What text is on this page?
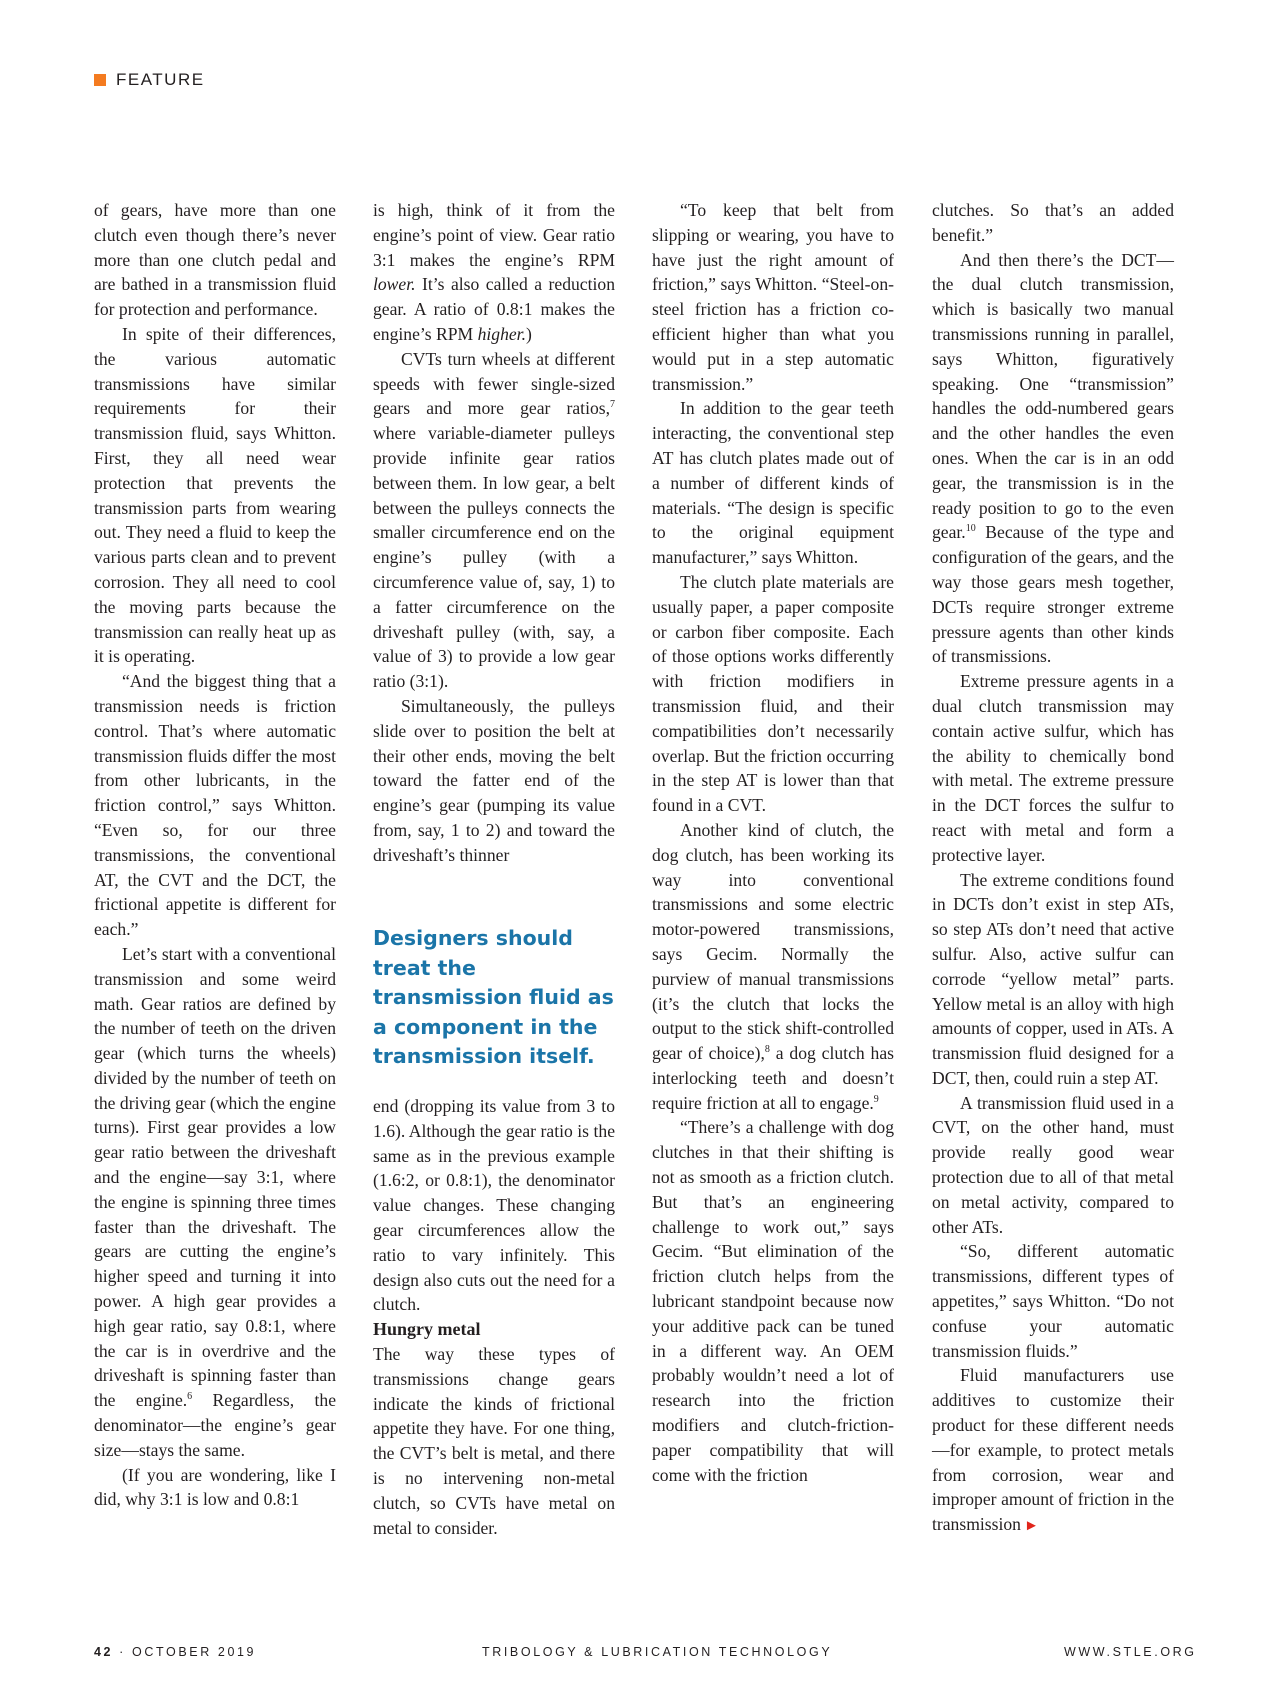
FEATURE

of gears, have more than one clutch even though there’s never more than one clutch pedal and are bathed in a transmission fluid for protection and performance.

In spite of their differences, the various automatic transmissions have similar requirements for their transmission fluid, says Whitton. First, they all need wear protection that prevents the transmission parts from wearing out. They need a fluid to keep the various parts clean and to prevent corrosion. They all need to cool the moving parts because the transmission can really heat up as it is operating.

“And the biggest thing that a transmission needs is friction control. That’s where automatic transmission fluids differ the most from other lubricants, in the friction control,” says Whitton. “Even so, for our three transmissions, the conventional AT, the CVT and the DCT, the frictional appetite is different for each.”

Let’s start with a conventional transmission and some weird math. Gear ratios are defined by the number of teeth on the driven gear (which turns the wheels) divided by the number of teeth on the driving gear (which the engine turns). First gear provides a low gear ratio between the driveshaft and the engine—say 3:1, where the engine is spinning three times faster than the driveshaft. The gears are cutting the engine’s higher speed and turning it into power. A high gear provides a high gear ratio, say 0.8:1, where the car is in overdrive and the driveshaft is spinning faster than the engine.$^6$ Regardless, the denominator—the engine’s gear size—stays the same.

(If you are wondering, like I did, why 3:1 is low and 0.8:1

is high, think of it from the engine’s point of view. Gear ratio 3:1 makes the engine’s RPM lower. It’s also called a reduction gear. A ratio of 0.8:1 makes the engine’s RPM higher.)

CVTs turn wheels at different speeds with fewer single-sized gears and more gear ratios,$^7$ where variable-diameter pulleys provide infinite gear ratios between them. In low gear, a belt between the pulleys connects the smaller circumference end on the engine’s pulley (with a circumference value of, say, 1) to a fatter circumference on the driveshaft pulley (with, say, a value of 3) to provide a low gear ratio (3:1).

Simultaneously, the pulleys slide over to position the belt at their other ends, moving the belt toward the fatter end of the engine’s gear (pumping its value from, say, 1 to 2) and toward the driveshaft’s thinner

Designers should treat the transmission fluid as a component in the transmission itself.

end (dropping its value from 3 to 1.6). Although the gear ratio is the same as in the previous example (1.6:2, or 0.8:1), the denominator value changes. These changing gear circumferences allow the ratio to vary infinitely. This design also cuts out the need for a clutch.

Hungry metal

The way these types of transmissions change gears indicate the kinds of frictional appetite they have. For one thing, the CVT’s belt is metal, and there is no intervening non-metal clutch, so CVTs have metal on metal to consider.

“To keep that belt from slipping or wearing, you have to have just the right amount of friction,” says Whitton. “Steel-on-steel friction has a friction co-efficient higher than what you would put in a step automatic transmission.”

In addition to the gear teeth interacting, the conventional step AT has clutch plates made out of a number of different kinds of materials. “The design is specific to the original equipment manufacturer,” says Whitton.

The clutch plate materials are usually paper, a paper composite or carbon fiber composite. Each of those options works differently with friction modifiers in transmission fluid, and their compatibilities don’t necessarily overlap. But the friction occurring in the step AT is lower than that found in a CVT.

Another kind of clutch, the dog clutch, has been working its way into conventional transmissions and some electric motor-powered transmissions, says Gecim. Normally the purview of manual transmissions (it’s the clutch that locks the output to the stick shift-controlled gear of choice),$^8$ a dog clutch has interlocking teeth and doesn’t require friction at all to engage.$^9$

“There’s a challenge with dog clutches in that their shifting is not as smooth as a friction clutch. But that’s an engineering challenge to work out,” says Gecim. “But elimination of the friction clutch helps from the lubricant standpoint because now your additive pack can be tuned in a different way. An OEM probably wouldn’t need a lot of research into the friction modifiers and clutch-friction-paper compatibility that will come with the friction

clutches. So that’s an added benefit.”

And then there’s the DCT—the dual clutch transmission, which is basically two manual transmissions running in parallel, says Whitton, figuratively speaking. One “transmission” handles the odd-numbered gears and the other handles the even ones. When the car is in an odd gear, the transmission is in the ready position to go to the even gear.$^{10}$ Because of the type and configuration of the gears, and the way those gears mesh together, DCTs require stronger extreme pressure agents than other kinds of transmissions.

Extreme pressure agents in a dual clutch transmission may contain active sulfur, which has the ability to chemically bond with metal. The extreme pressure in the DCT forces the sulfur to react with metal and form a protective layer.

The extreme conditions found in DCTs don’t exist in step ATs, so step ATs don’t need that active sulfur. Also, active sulfur can corrode “yellow metal” parts. Yellow metal is an alloy with high amounts of copper, used in ATs. A transmission fluid designed for a DCT, then, could ruin a step AT.

A transmission fluid used in a CVT, on the other hand, must provide really good wear protection due to all of that metal on metal activity, compared to other ATs.

“So, different automatic transmissions, different types of appetites,” says Whitton. “Do not confuse your automatic transmission fluids.”

Fluid manufacturers use additives to customize their product for these different needs—for example, to protect metals from corrosion, wear and improper amount of friction in the transmission ►

42 · OCTOBER 2019	TRIBOLOGY & LUBRICATION TECHNOLOGY	WWW.STLE.ORG
